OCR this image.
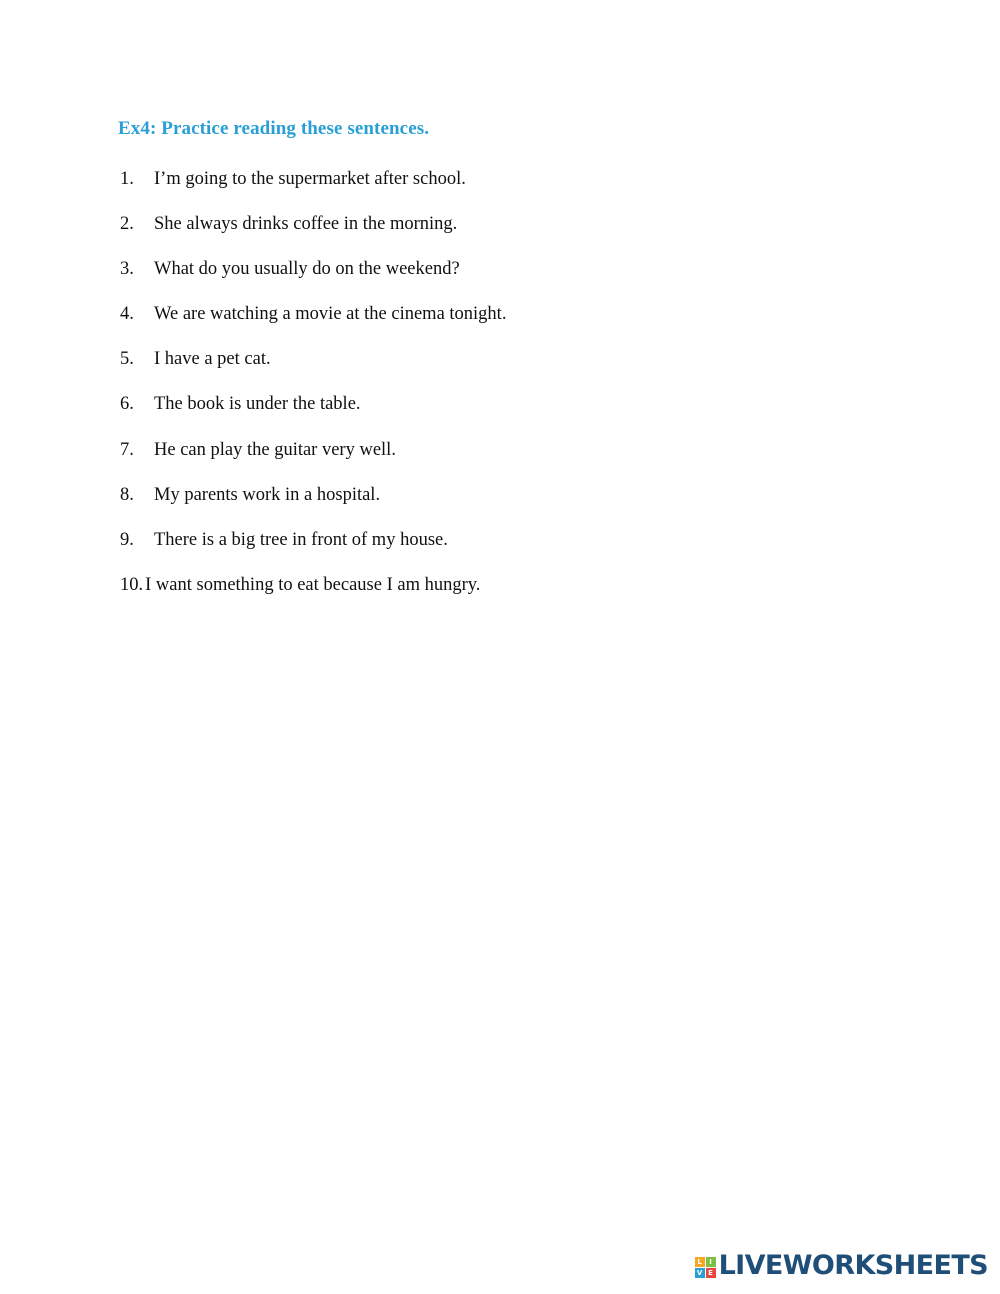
Ex4: Practice reading these sentences.
1.	I’m going to the supermarket after school.
2.	She always drinks coffee in the morning.
3.	What do you usually do on the weekend?
4.	We are watching a movie at the cinema tonight.
5.	I have a pet cat.
6.	The book is under the table.
7.	He can play the guitar very well.
8.	My parents work in a hospital.
9.	There is a big tree in front of my house.
10. I want something to eat because I am hungry.
L	I
V E LIVEWORKSHEETS
